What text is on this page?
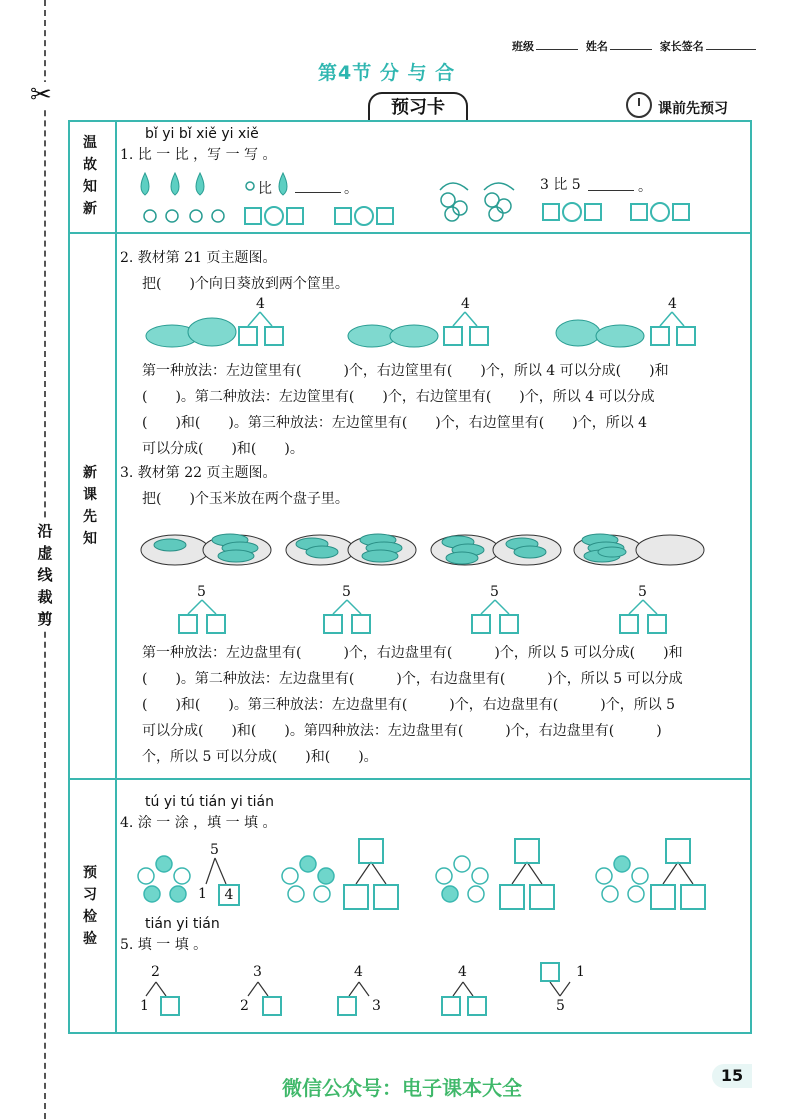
✂
沿虚线裁剪
班级	姓名	家长签名
第4节 分 与 合
预习卡	课前先预习
温故知新
新课先知
预习检验
bǐ yi bǐ xiě yi xiě
1. 比 一 比 ，写 一 写 。
比	。	3 比 5	。
2. 教材第 21 页主题图。
把(　　)个向日葵放到两个筐里。
4	4	4
第一种放法：左边筐里有(　　　)个，右边筐里有(　　)个，所以 4 可以分成(　　)和
(　　)。第二种放法：左边筐里有(　　)个，右边筐里有(　　)个，所以 4 可以分成
(　　)和(　　)。第三种放法：左边筐里有(　　)个，右边筐里有(　　)个，所以 4
可以分成(　　)和(　　)。
3. 教材第 22 页主题图。
把(　　)个玉米放在两个盘子里。
5	5	5	5
第一种放法：左边盘里有(　　　)个，右边盘里有(　　　)个，所以 5 可以分成(　　)和
(　　)。第二种放法：左边盘里有(　　　)个，右边盘里有(　　　)个，所以 5 可以分成
(　　)和(　　)。第三种放法：左边盘里有(　　　)个，右边盘里有(　　　)个，所以 5
可以分成(　　)和(　　)。第四种放法：左边盘里有(　　　)个，右边盘里有(　　　)
个，所以 5 可以分成(　　)和(　　)。
tú yi tú tián yi tián
4. 涂 一 涂 ，填 一 填 。
5
1	4
tián yi tián
5. 填 一 填 。
2
1
3
2
4
3
4	1
5
微信公众号：电子课本大全
15
